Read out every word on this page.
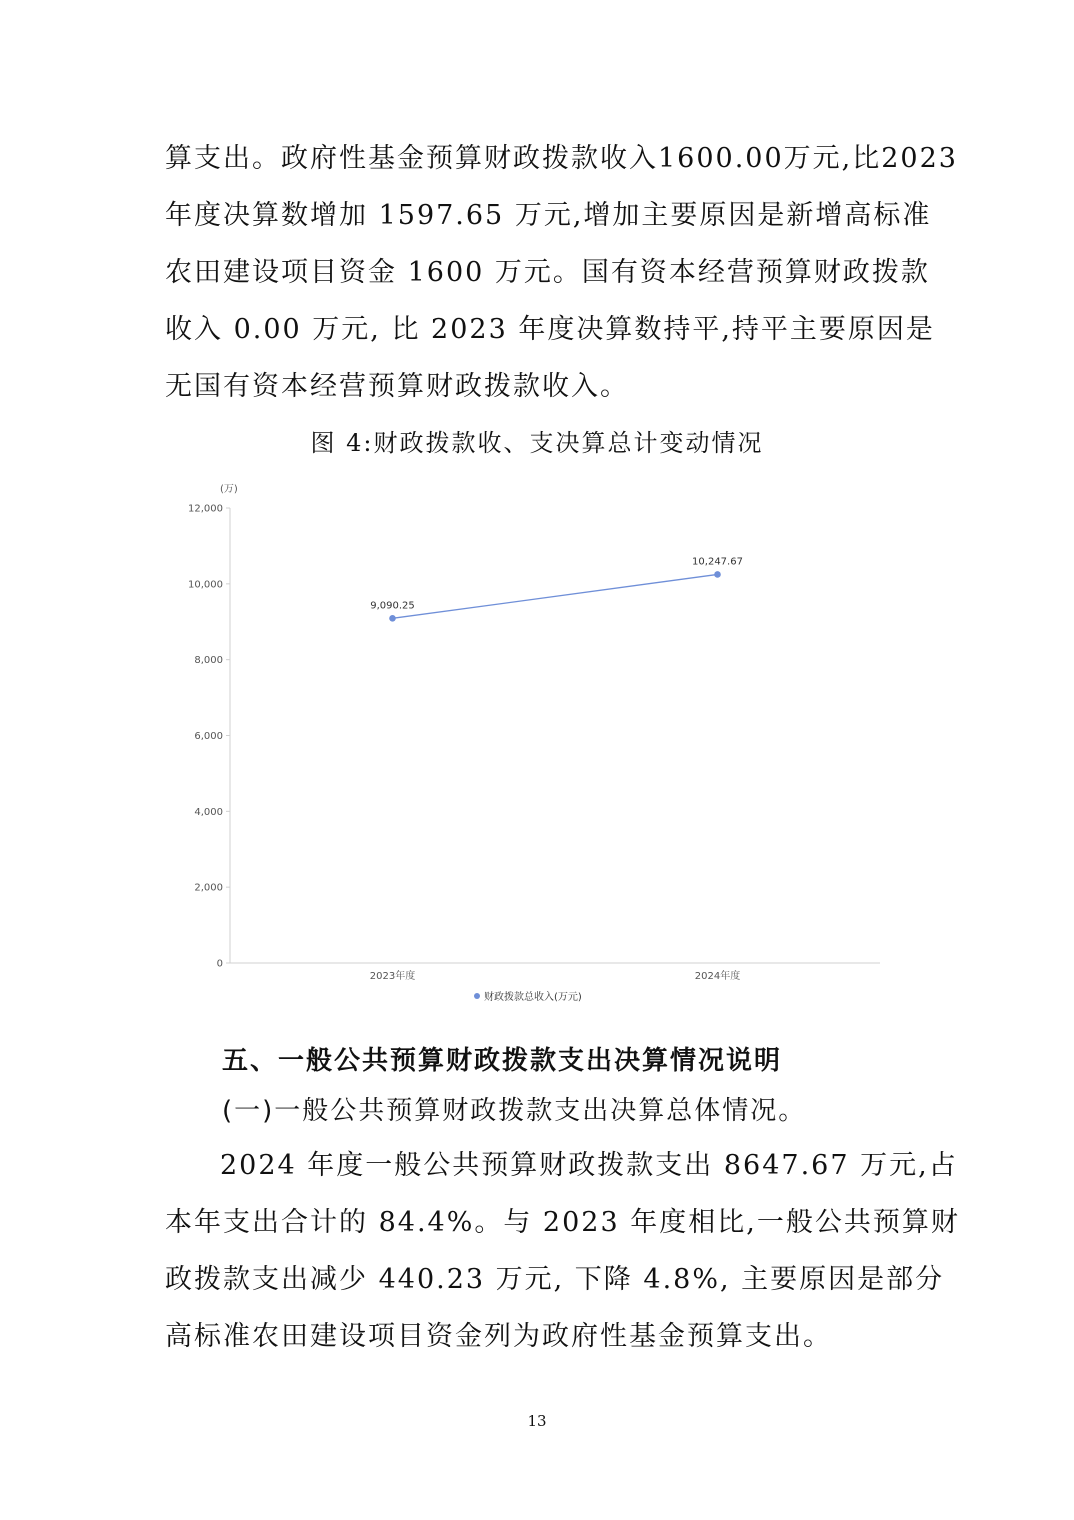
算支出。政府性基金预算财政拨款收入1600.00万元,比2023
年度决算数增加 1597.65 万元,增加主要原因是新增高标准
农田建设项目资金 1600 万元。国有资本经营预算财政拨款
收入 0.00 万元, 比 2023 年度决算数持平,持平主要原因是
无国有资本经营预算财政拨款收入。
图 4:财政拨款收、支决算总计变动情况
(万)
0
2,000
4,000
6,000
8,000
10,000
12,000
2023年度	2024年度
9,090.25
10,247.67
财政拨款总收入(万元)
五、一般公共预算财政拨款支出决算情况说明
(一)一般公共预算财政拨款支出决算总体情况。
2024 年度一般公共预算财政拨款支出 8647.67 万元,占
本年支出合计的 84.4%。与 2023 年度相比,一般公共预算财
政拨款支出减少 440.23 万元, 下降 4.8%, 主要原因是部分
高标准农田建设项目资金列为政府性基金预算支出。
13
